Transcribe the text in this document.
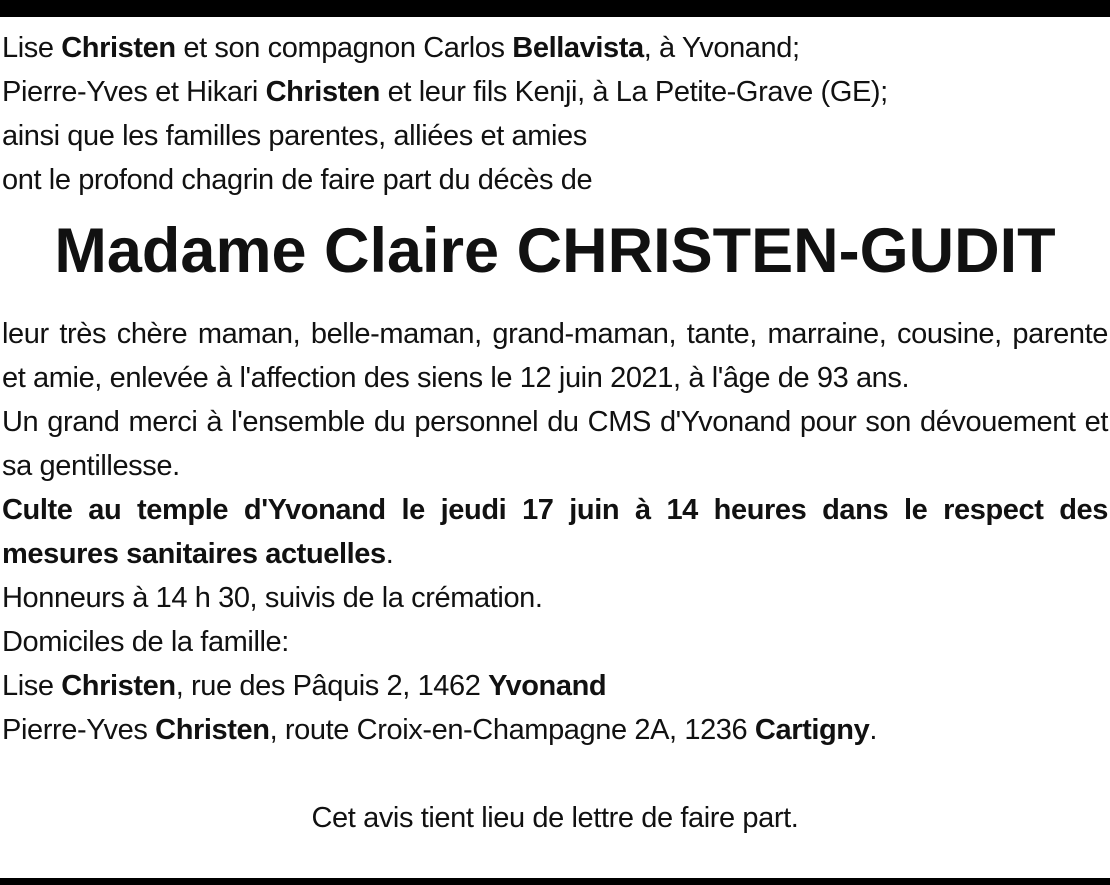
Lise Christen et son compagnon Carlos Bellavista, à Yvonand;
Pierre-Yves et Hikari Christen et leur fils Kenji, à La Petite-Grave (GE);
ainsi que les familles parentes, alliées et amies
ont le profond chagrin de faire part du décès de
Madame Claire CHRISTEN-GUDIT
leur très chère maman, belle-maman, grand-maman, tante, marraine, cousine, parente et amie, enlevée à l'affection des siens le 12 juin 2021, à l'âge de 93 ans.
Un grand merci à l'ensemble du personnel du CMS d'Yvonand pour son dévouement et sa gentillesse.
Culte au temple d'Yvonand le jeudi 17 juin à 14 heures dans le respect des mesures sanitaires actuelles.
Honneurs à 14 h 30, suivis de la crémation.
Domiciles de la famille:
Lise Christen, rue des Pâquis 2, 1462 Yvonand
Pierre-Yves Christen, route Croix-en-Champagne 2A, 1236 Cartigny.
Cet avis tient lieu de lettre de faire part.
